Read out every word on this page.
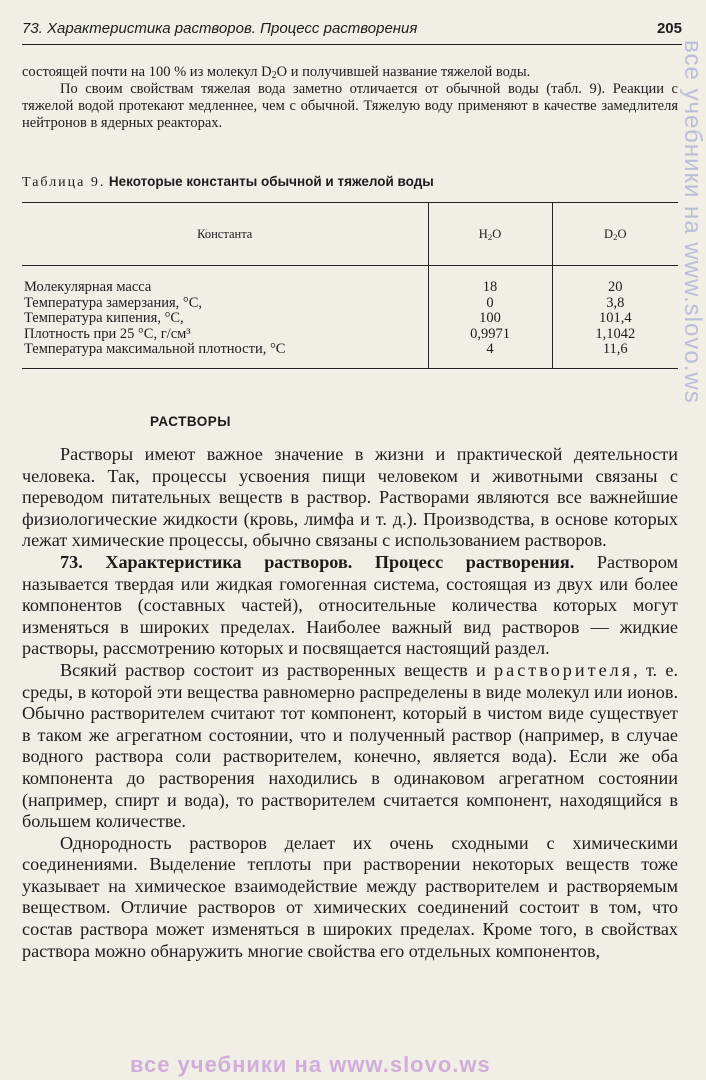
73. Характеристика растворов. Процесс растворения	205

состоящей почти на 100 % из молекул D2O и получившей название тяжелой воды.

По своим свойствам тяжелая вода заметно отличается от обычной воды (табл. 9). Реакции с тяжелой водой протекают медленнее, чем с обычной. Тяжелую воду применяют в качестве замедлителя нейтронов в ядерных реакторах.

Таблица 9. Некоторые константы обычной и тяжелой воды
Константа	$H_2O$	$D_2O$
Молекулярная масса	18	20
Температура замерзания, °С,	0	3,8
Температура кипения, °С,	100	101,4
Плотность при 25 °С, г/см³	0,9971	1,1042
Температура максимальной плотности, °С	4	11,6
РАСТВОРЫ

Растворы имеют важное значение в жизни и практической деятельности человека. Так, процессы усвоения пищи человеком и животными связаны с переводом питательных веществ в раствор. Растворами являются все важнейшие физиологические жидкости (кровь, лимфа и т. д.). Производства, в основе которых лежат химические процессы, обычно связаны с использованием растворов.

73. Характеристика растворов. Процесс растворения. Раствором называется твердая или жидкая гомогенная система, состоящая из двух или более компонентов (составных частей), относительные количества которых могут изменяться в широких пределах. Наиболее важный вид растворов — жидкие растворы, рассмотрению которых и посвящается настоящий раздел.

Всякий раствор состоит из растворенных веществ и растворителя, т. е. среды, в которой эти вещества равномерно распределены в виде молекул или ионов. Обычно растворителем считают тот компонент, который в чистом виде существует в таком же агрегатном состоянии, что и полученный раствор (например, в случае водного раствора соли растворителем, конечно, является вода). Если же оба компонента до растворения находились в одинаковом агрегатном состоянии (например, спирт и вода), то растворителем считается компонент, находящийся в большем количестве.

Однородность растворов делает их очень сходными с химическими соединениями. Выделение теплоты при растворении некоторых веществ тоже указывает на химическое взаимодействие между растворителем и растворяемым веществом. Отличие растворов от химических соединений состоит в том, что состав раствора может изменяться в широких пределах. Кроме того, в свойствах раствора можно обнаружить многие свойства его отдельных компонентов,

все учебники на www.slovo.ws
все учебники на www.slovo.ws
